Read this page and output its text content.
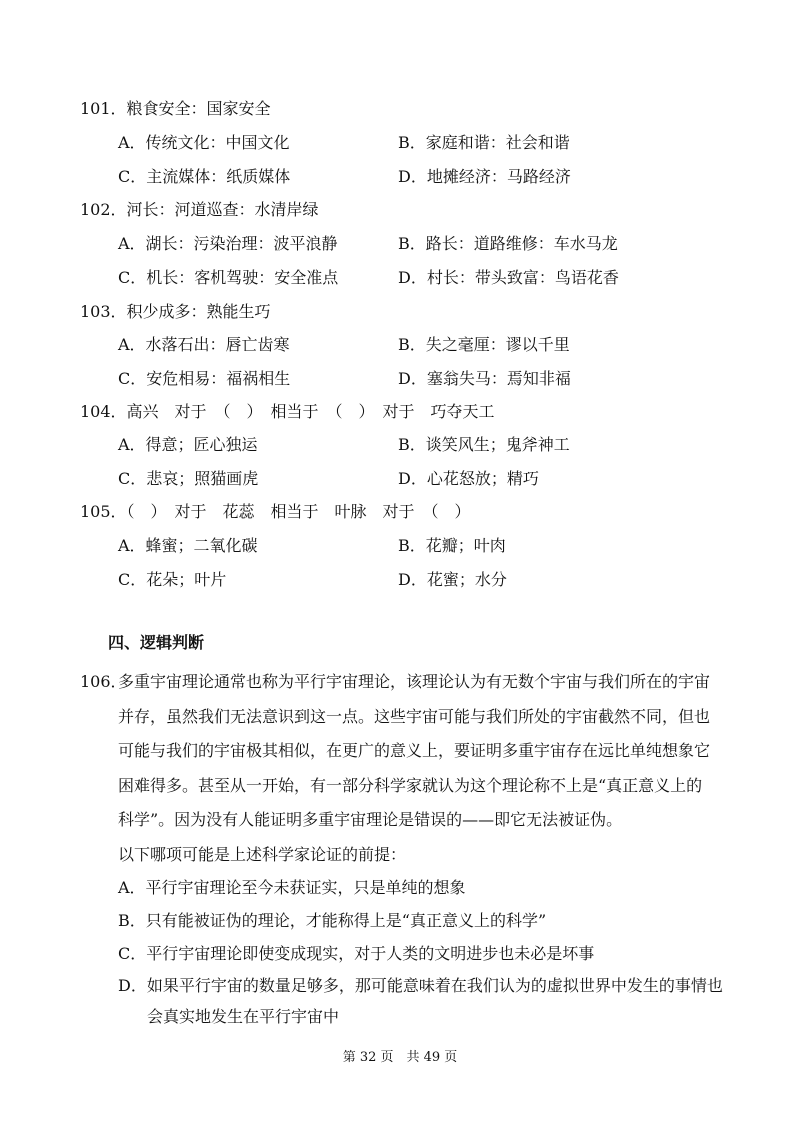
101．粮食安全：国家安全
A．传统文化：中国文化	B．家庭和谐：社会和谐
C．主流媒体：纸质媒体	D．地摊经济：马路经济
102．河长：河道巡查：水清岸绿
A．湖长：污染治理：波平浪静	B．路长：道路维修：车水马龙
C．机长：客机驾驶：安全准点	D．村长：带头致富：鸟语花香
103．积少成多：熟能生巧
A．水落石出：唇亡齿寒	B．失之毫厘：谬以千里
C．安危相易：福祸相生	D．塞翁失马：焉知非福
104．高兴　对于　（　）　相当于　（　）　对于　巧夺天工
A．得意；匠心独运	B．谈笑风生；鬼斧神工
C．悲哀；照猫画虎	D．心花怒放；精巧
105．（　）　对于　花蕊　相当于　叶脉　对于　（　）
A．蜂蜜；二氧化碳	B．花瓣；叶肉
C．花朵；叶片	D．花蜜；水分
四、逻辑判断
106．
多重宇宙理论通常也称为平行宇宙理论，该理论认为有无数个宇宙与我们所在的宇宙
并存，虽然我们无法意识到这一点。这些宇宙可能与我们所处的宇宙截然不同，但也
可能与我们的宇宙极其相似，在更广的意义上，要证明多重宇宙存在远比单纯想象它
困难得多。甚至从一开始，有一部分科学家就认为这个理论称不上是“真正意义上的
科学”。因为没有人能证明多重宇宙理论是错误的——即它无法被证伪。
以下哪项可能是上述科学家论证的前提：
A．平行宇宙理论至今未获证实，只是单纯的想象
B．只有能被证伪的理论，才能称得上是“真正意义上的科学”
C．平行宇宙理论即使变成现实，对于人类的文明进步也未必是坏事
D．如果平行宇宙的数量足够多，那可能意味着在我们认为的虚拟世界中发生的事情也
会真实地发生在平行宇宙中
第 32 页　共 49 页
